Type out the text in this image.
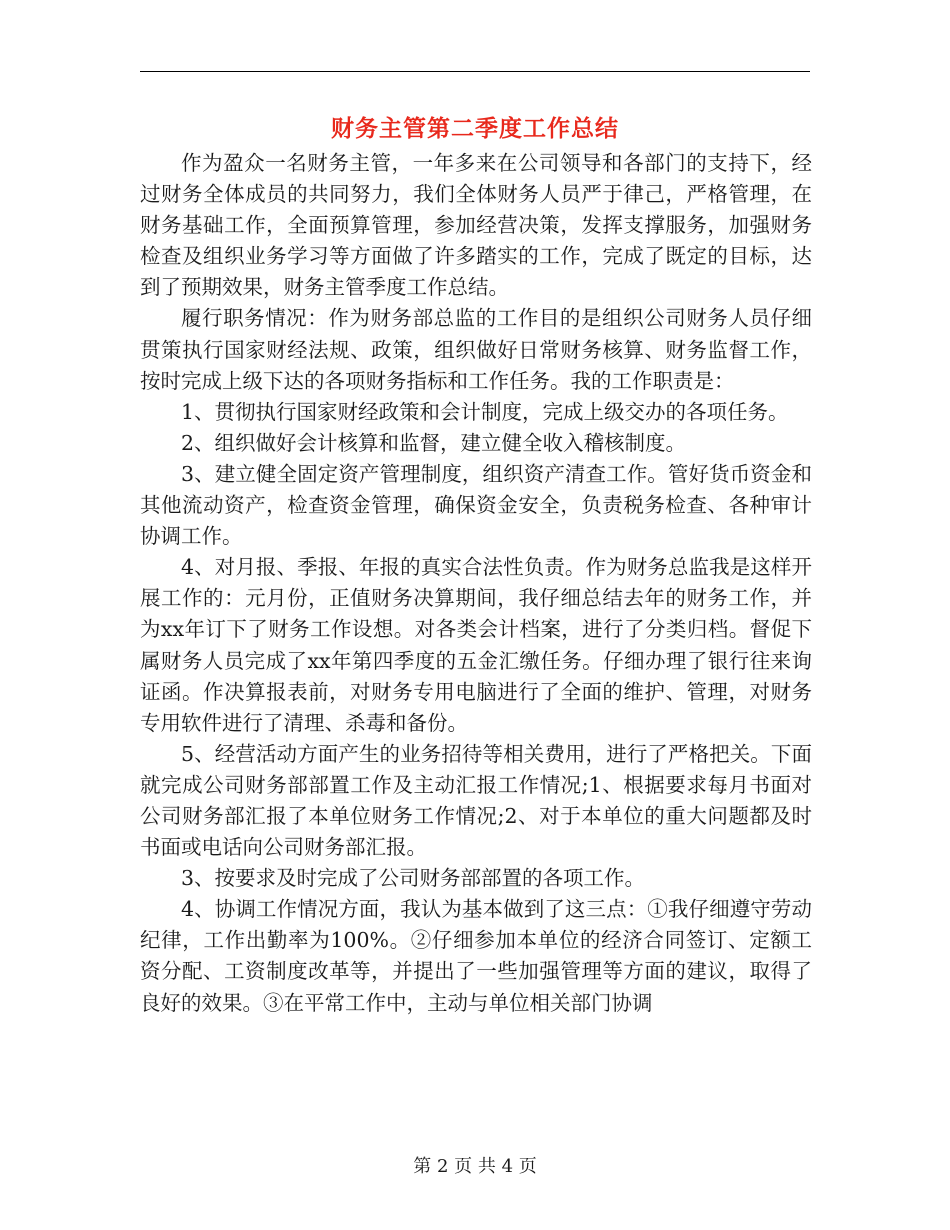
财务主管第二季度工作总结

作为盈众一名财务主管，一年多来在公司领导和各部门的支持下，经过财务全体成员的共同努力，我们全体财务人员严于律己，严格管理，在财务基础工作，全面预算管理，参加经营决策，发挥支撑服务，加强财务检查及组织业务学习等方面做了许多踏实的工作，完成了既定的目标，达到了预期效果，财务主管季度工作总结。

履行职务情况：作为财务部总监的工作目的是组织公司财务人员仔细贯策执行国家财经法规、政策，组织做好日常财务核算、财务监督工作，按时完成上级下达的各项财务指标和工作任务。我的工作职责是：

1、贯彻执行国家财经政策和会计制度，完成上级交办的各项任务。

2、组织做好会计核算和监督，建立健全收入稽核制度。

3、建立健全固定资产管理制度，组织资产清查工作。管好货币资金和其他流动资产，检查资金管理，确保资金安全，负责税务检查、各种审计协调工作。

4、对月报、季报、年报的真实合法性负责。作为财务总监我是这样开展工作的：元月份，正值财务决算期间，我仔细总结去年的财务工作，并为xx年订下了财务工作设想。对各类会计档案，进行了分类归档。督促下属财务人员完成了xx年第四季度的五金汇缴任务。仔细办理了银行往来询证函。作决算报表前，对财务专用电脑进行了全面的维护、管理，对财务专用软件进行了清理、杀毒和备份。

5、经营活动方面产生的业务招待等相关费用，进行了严格把关。下面就完成公司财务部部置工作及主动汇报工作情况;1、根据要求每月书面对公司财务部汇报了本单位财务工作情况;2、对于本单位的重大问题都及时书面或电话向公司财务部汇报。

3、按要求及时完成了公司财务部部置的各项工作。

4、协调工作情况方面，我认为基本做到了这三点：①我仔细遵守劳动纪律，工作出勤率为100%。②仔细参加本单位的经济合同签订、定额工资分配、工资制度改革等，并提出了一些加强管理等方面的建议，取得了良好的效果。③在平常工作中，主动与单位相关部门协调

第 2 页 共 4 页
